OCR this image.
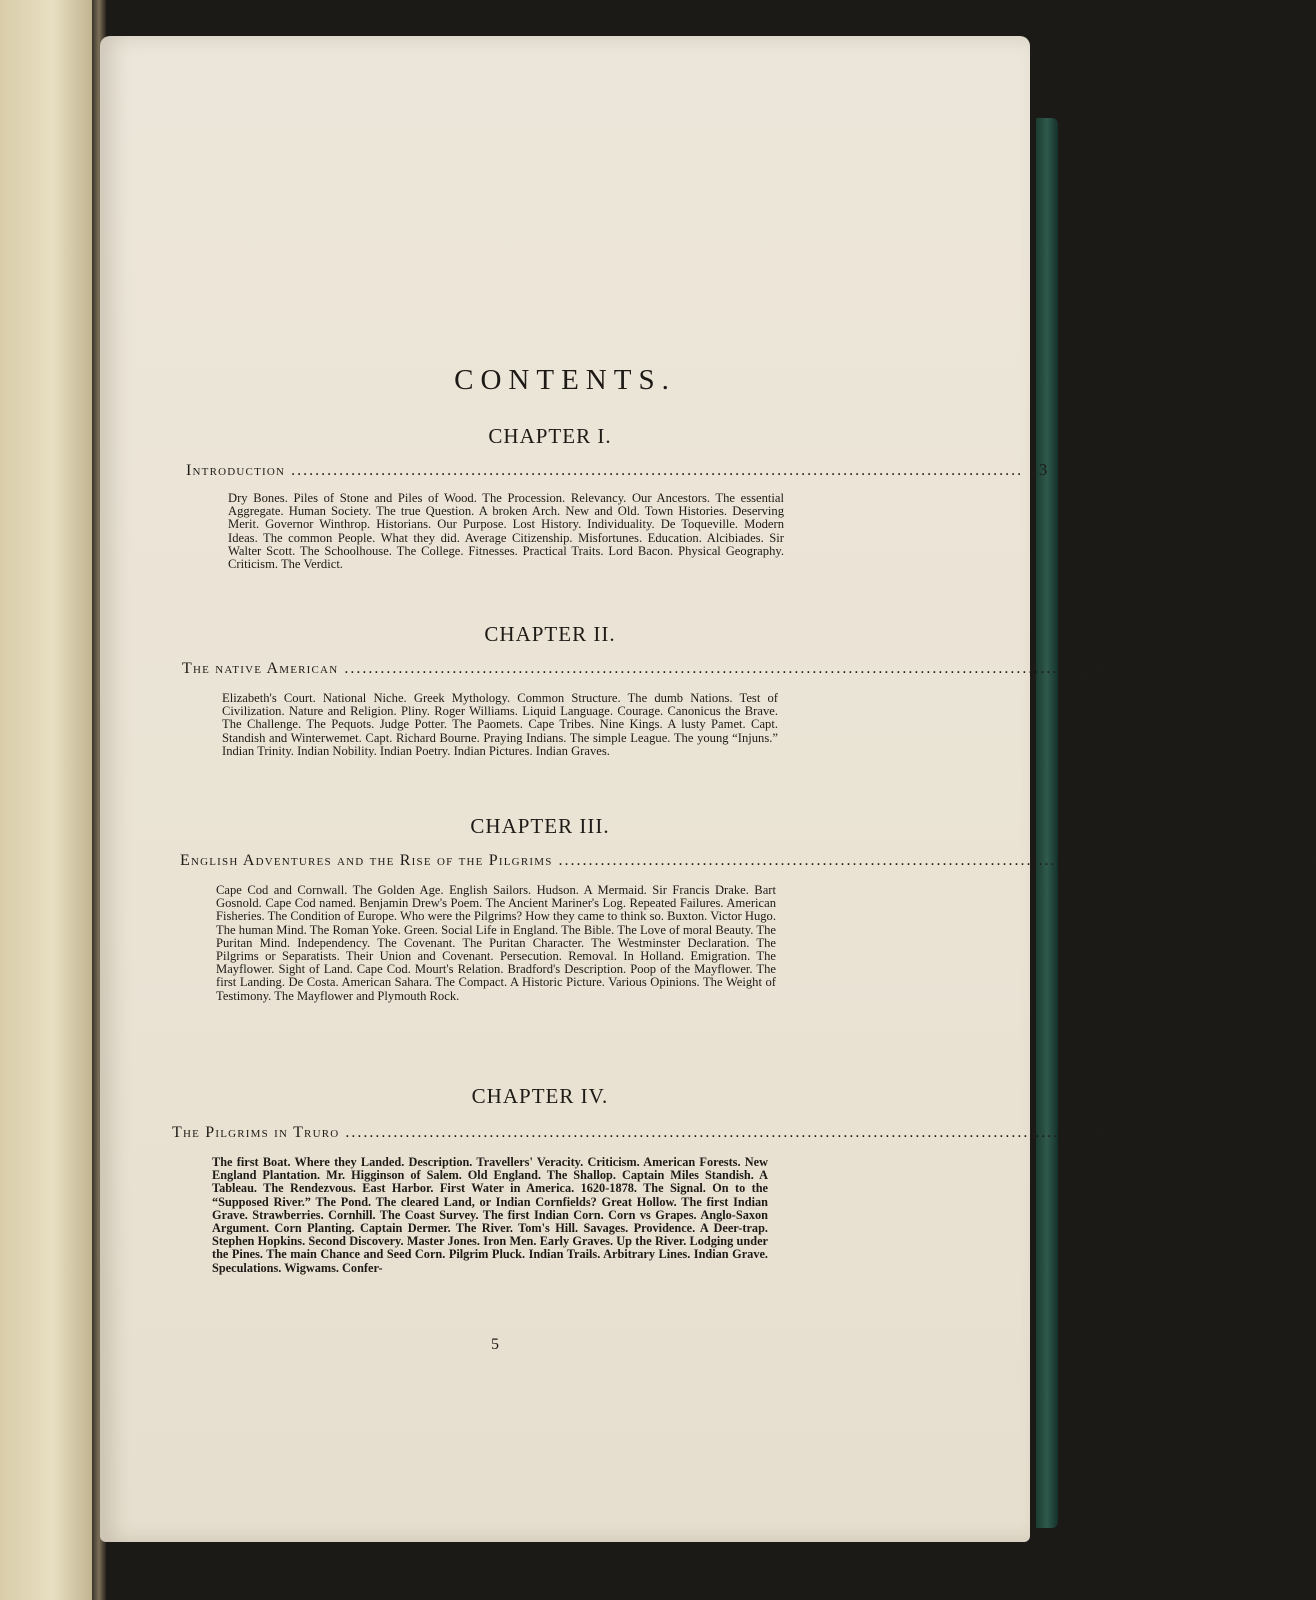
CONTENTS.
CHAPTER I.
Introduction .......................................................................................................................... 13
Dry Bones. Piles of Stone and Piles of Wood. The Procession. Relevancy. Our Ancestors. The essential Aggregate. Human Society. The true Question. A broken Arch. New and Old. Town Histories. Deserving Merit. Governor Winthrop. Historians. Our Purpose. Lost History. Individuality. De Toqueville. Modern Ideas. The common People. What they did. Average Citizenship. Misfortunes. Education. Alcibiades. Sir Walter Scott. The Schoolhouse. The College. Fitnesses. Practical Traits. Lord Bacon. Physical Geography. Criticism. The Verdict.
CHAPTER II.
The native American .......................................................................................................................... 23
Elizabeth's Court. National Niche. Greek Mythology. Common Structure. The dumb Nations. Test of Civilization. Nature and Religion. Pliny. Roger Williams. Liquid Language. Courage. Canonicus the Brave. The Challenge. The Pequots. Judge Potter. The Paomets. Cape Tribes. Nine Kings. A lusty Pamet. Capt. Standish and Winterwemet. Capt. Richard Bourne. Praying Indians. The simple League. The young “Injuns.” Indian Trinity. Indian Nobility. Indian Poetry. Indian Pictures. Indian Graves.
CHAPTER III.
English Adventures and the Rise of the Pilgrims .......................................................................................................................... 34
Cape Cod and Cornwall. The Golden Age. English Sailors. Hudson. A Mermaid. Sir Francis Drake. Bart Gosnold. Cape Cod named. Benjamin Drew's Poem. The Ancient Mariner's Log. Repeated Failures. American Fisheries. The Condition of Europe. Who were the Pilgrims? How they came to think so. Buxton. Victor Hugo. The human Mind. The Roman Yoke. Green. Social Life in England. The Bible. The Love of moral Beauty. The Puritan Mind. Independency. The Covenant. The Puritan Character. The Westminster Declaration. The Pilgrims or Separatists. Their Union and Covenant. Persecution. Removal. In Holland. Emigration. The Mayflower. Sight of Land. Cape Cod. Mourt's Relation. Bradford's Description. Poop of the Mayflower. The first Landing. De Costa. American Sahara. The Compact. A Historic Picture. Various Opinions. The Weight of Testimony. The Mayflower and Plymouth Rock.
CHAPTER IV.
The Pilgrims in Truro .......................................................................................................................... 53
The first Boat. Where they Landed. Description. Travellers' Veracity. Criticism. American Forests. New England Plantation. Mr. Higginson of Salem. Old England. The Shallop. Captain Miles Standish. A Tableau. The Rendezvous. East Harbor. First Water in America. 1620-1878. The Signal. On to the “Supposed River.” The Pond. The cleared Land, or Indian Cornfields? Great Hollow. The first Indian Grave. Strawberries. Cornhill. The Coast Survey. The first Indian Corn. Corn vs Grapes. Anglo-Saxon Argument. Corn Planting. Captain Dermer. The River. Tom's Hill. Savages. Providence. A Deer-trap. Stephen Hopkins. Second Discovery. Master Jones. Iron Men. Early Graves. Up the River. Lodging under the Pines. The main Chance and Seed Corn. Pilgrim Pluck. Indian Trails. Arbitrary Lines. Indian Grave. Speculations. Wigwams. Confer-
5
